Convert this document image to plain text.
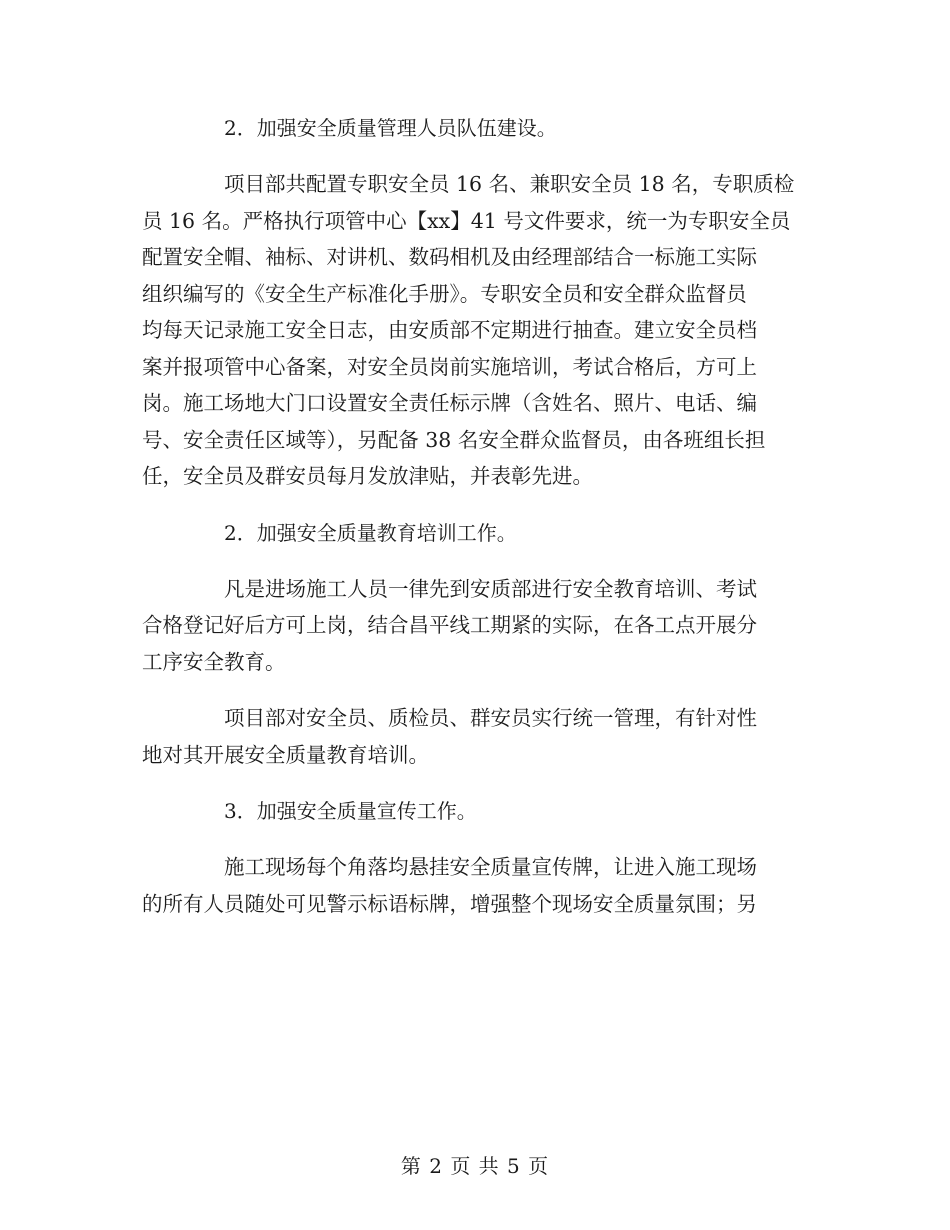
2．加强安全质量管理人员队伍建设。

项目部共配置专职安全员 16 名、兼职安全员 18 名，专职质检
员 16 名。严格执行项管中心【xx】41 号文件要求，统一为专职安全员
配置安全帽、袖标、对讲机、数码相机及由经理部结合一标施工实际
组织编写的《安全生产标准化手册》。专职安全员和安全群众监督员
均每天记录施工安全日志，由安质部不定期进行抽查。建立安全员档
案并报项管中心备案，对安全员岗前实施培训，考试合格后，方可上
岗。施工场地大门口设置安全责任标示牌（含姓名、照片、电话、编
号、安全责任区域等），另配备 38 名安全群众监督员，由各班组长担
任，安全员及群安员每月发放津贴，并表彰先进。

2．加强安全质量教育培训工作。

凡是进场施工人员一律先到安质部进行安全教育培训、考试
合格登记好后方可上岗，结合昌平线工期紧的实际，在各工点开展分
工序安全教育。
项目部对安全员、质检员、群安员实行统一管理，有针对性
地对其开展安全质量教育培训。

3．加强安全质量宣传工作。

施工现场每个角落均悬挂安全质量宣传牌，让进入施工现场
的所有人员随处可见警示标语标牌，增强整个现场安全质量氛围；另
第 2 页 共 5 页
